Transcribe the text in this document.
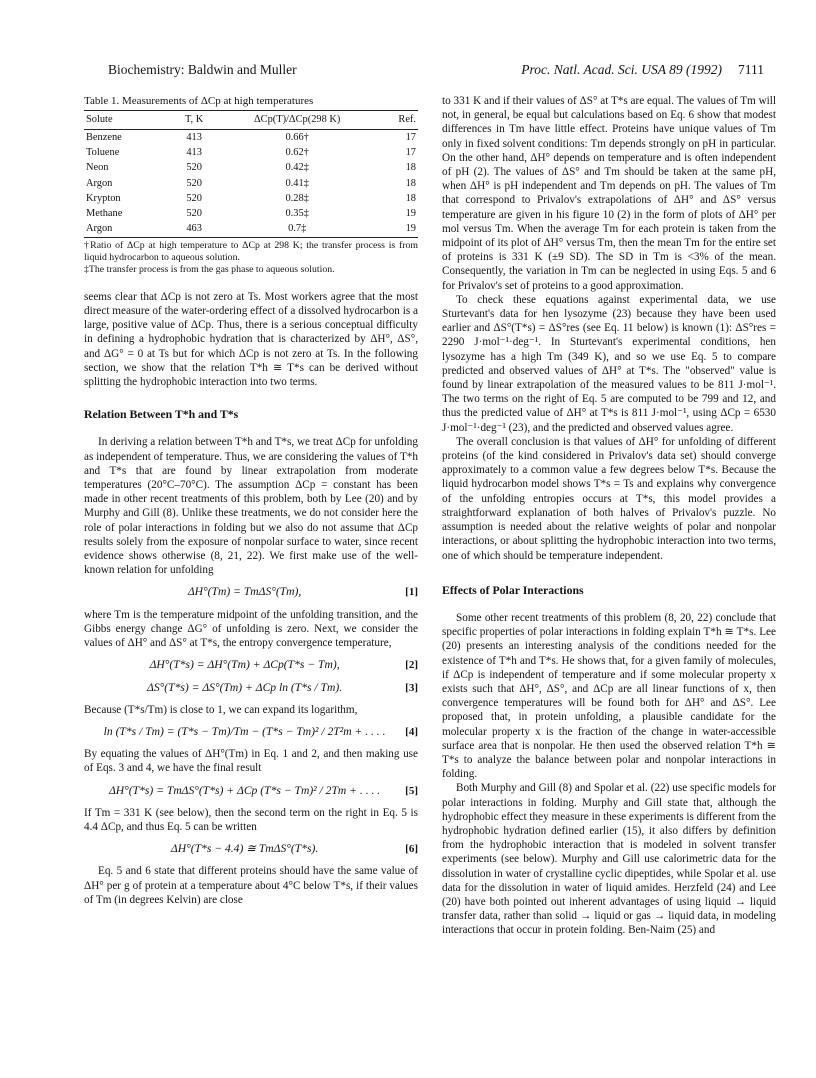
Biochemistry: Baldwin and Muller	Proc. Natl. Acad. Sci. USA 89 (1992) 7111
Table 1. Measurements of ΔCp at high temperatures
Solute	T, K	ΔCp(T)/ΔCp(298 K)	Ref.
Benzene	413	0.66†	17
Toluene	413	0.62†	17
Neon	520	0.42‡	18
Argon	520	0.41‡	18
Krypton	520	0.28‡	18
Methane	520	0.35‡	19
Argon	463	0.7‡	19
†Ratio of ΔCp at high temperature to ΔCp at 298 K; the transfer process is from liquid hydrocarbon to aqueous solution.
‡The transfer process is from the gas phase to aqueous solution.

seems clear that ΔCp is not zero at Ts. Most workers agree that the most direct measure of the water-ordering effect of a dissolved hydrocarbon is a large, positive value of ΔCp. Thus, there is a serious conceptual difficulty in defining a hydrophobic hydration that is characterized by ΔH°, ΔS°, and ΔG° = 0 at Ts but for which ΔCp is not zero at Ts. In the following section, we show that the relation T*h ≅ T*s can be derived without splitting the hydrophobic interaction into two terms.

Relation Between T*h and T*s

In deriving a relation between T*h and T*s, we treat ΔCp for unfolding as independent of temperature. Thus, we are considering the values of T*h and T*s that are found by linear extrapolation from moderate temperatures (20°C–70°C). The assumption ΔCp = constant has been made in other recent treatments of this problem, both by Lee (20) and by Murphy and Gill (8). Unlike these treatments, we do not consider here the role of polar interactions in folding but we also do not assume that ΔCp results solely from the exposure of nonpolar surface to water, since recent evidence shows otherwise (8, 21, 22). We first make use of the well-known relation for unfolding

ΔH°(Tm) = TmΔS°(Tm),	[1]

where Tm is the temperature midpoint of the unfolding transition, and the Gibbs energy change ΔG° of unfolding is zero. Next, we consider the values of ΔH° and ΔS° at T*s, the entropy convergence temperature,

ΔH°(T*s) = ΔH°(Tm) + ΔCp(T*s − Tm),	[2]
ΔS°(T*s) = ΔS°(Tm) + ΔCp ln (T*s / Tm).	[3]

Because (T*s/Tm) is close to 1, we can expand its logarithm,

ln (T*s / Tm) = (T*s − Tm)/Tm − (T*s − Tm)² / 2T²m + . . . .	[4]

By equating the values of ΔH°(Tm) in Eq. 1 and 2, and then making use of Eqs. 3 and 4, we have the final result

ΔH°(T*s) = TmΔS°(T*s) + ΔCp (T*s − Tm)² / 2Tm + . . . .	[5]

If Tm = 331 K (see below), then the second term on the right in Eq. 5 is 4.4 ΔCp, and thus Eq. 5 can be written

ΔH°(T*s − 4.4) ≅ TmΔS°(T*s).	[6]

Eq. 5 and 6 state that different proteins should have the same value of ΔH° per g of protein at a temperature about 4°C below T*s, if their values of Tm (in degrees Kelvin) are close

to 331 K and if their values of ΔS° at T*s are equal. The values of Tm will not, in general, be equal but calculations based on Eq. 6 show that modest differences in Tm have little effect. Proteins have unique values of Tm only in fixed solvent conditions: Tm depends strongly on pH in particular. On the other hand, ΔH° depends on temperature and is often independent of pH (2). The values of ΔS° and Tm should be taken at the same pH, when ΔH° is pH independent and Tm depends on pH. The values of Tm that correspond to Privalov's extrapolations of ΔH° and ΔS° versus temperature are given in his figure 10 (2) in the form of plots of ΔH° per mol versus Tm. When the average Tm for each protein is taken from the midpoint of its plot of ΔH° versus Tm, then the mean Tm for the entire set of proteins is 331 K (±9 SD). The SD in Tm is <3% of the mean. Consequently, the variation in Tm can be neglected in using Eqs. 5 and 6 for Privalov's set of proteins to a good approximation.

To check these equations against experimental data, we use Sturtevant's data for hen lysozyme (23) because they have been used earlier and ΔS°(T*s) = ΔS°res (see Eq. 11 below) is known (1): ΔS°res = 2290 J·mol⁻¹·deg⁻¹. In Sturtevant's experimental conditions, hen lysozyme has a high Tm (349 K), and so we use Eq. 5 to compare predicted and observed values of ΔH° at T*s. The "observed" value is found by linear extrapolation of the measured values to be 811 J·mol⁻¹. The two terms on the right of Eq. 5 are computed to be 799 and 12, and thus the predicted value of ΔH° at T*s is 811 J·mol⁻¹, using ΔCp = 6530 J·mol⁻¹·deg⁻¹ (23), and the predicted and observed values agree.

The overall conclusion is that values of ΔH° for unfolding of different proteins (of the kind considered in Privalov's data set) should converge approximately to a common value a few degrees below T*s. Because the liquid hydrocarbon model shows T*s = Ts and explains why convergence of the unfolding entropies occurs at T*s, this model provides a straightforward explanation of both halves of Privalov's puzzle. No assumption is needed about the relative weights of polar and nonpolar interactions, or about splitting the hydrophobic interaction into two terms, one of which should be temperature independent.

Effects of Polar Interactions

Some other recent treatments of this problem (8, 20, 22) conclude that specific properties of polar interactions in folding explain T*h ≅ T*s. Lee (20) presents an interesting analysis of the conditions needed for the existence of T*h and T*s. He shows that, for a given family of molecules, if ΔCp is independent of temperature and if some molecular property x exists such that ΔH°, ΔS°, and ΔCp are all linear functions of x, then convergence temperatures will be found both for ΔH° and ΔS°. Lee proposed that, in protein unfolding, a plausible candidate for the molecular property x is the fraction of the change in water-accessible surface area that is nonpolar. He then used the observed relation T*h ≅ T*s to analyze the balance between polar and nonpolar interactions in folding.

Both Murphy and Gill (8) and Spolar et al. (22) use specific models for polar interactions in folding. Murphy and Gill state that, although the hydrophobic effect they measure in these experiments is different from the hydrophobic hydration defined earlier (15), it also differs by definition from the hydrophobic interaction that is modeled in solvent transfer experiments (see below). Murphy and Gill use calorimetric data for the dissolution in water of crystalline cyclic dipeptides, while Spolar et al. use data for the dissolution in water of liquid amides. Herzfeld (24) and Lee (20) have both pointed out inherent advantages of using liquid → liquid transfer data, rather than solid → liquid or gas → liquid data, in modeling interactions that occur in protein folding. Ben-Naim (25) and
